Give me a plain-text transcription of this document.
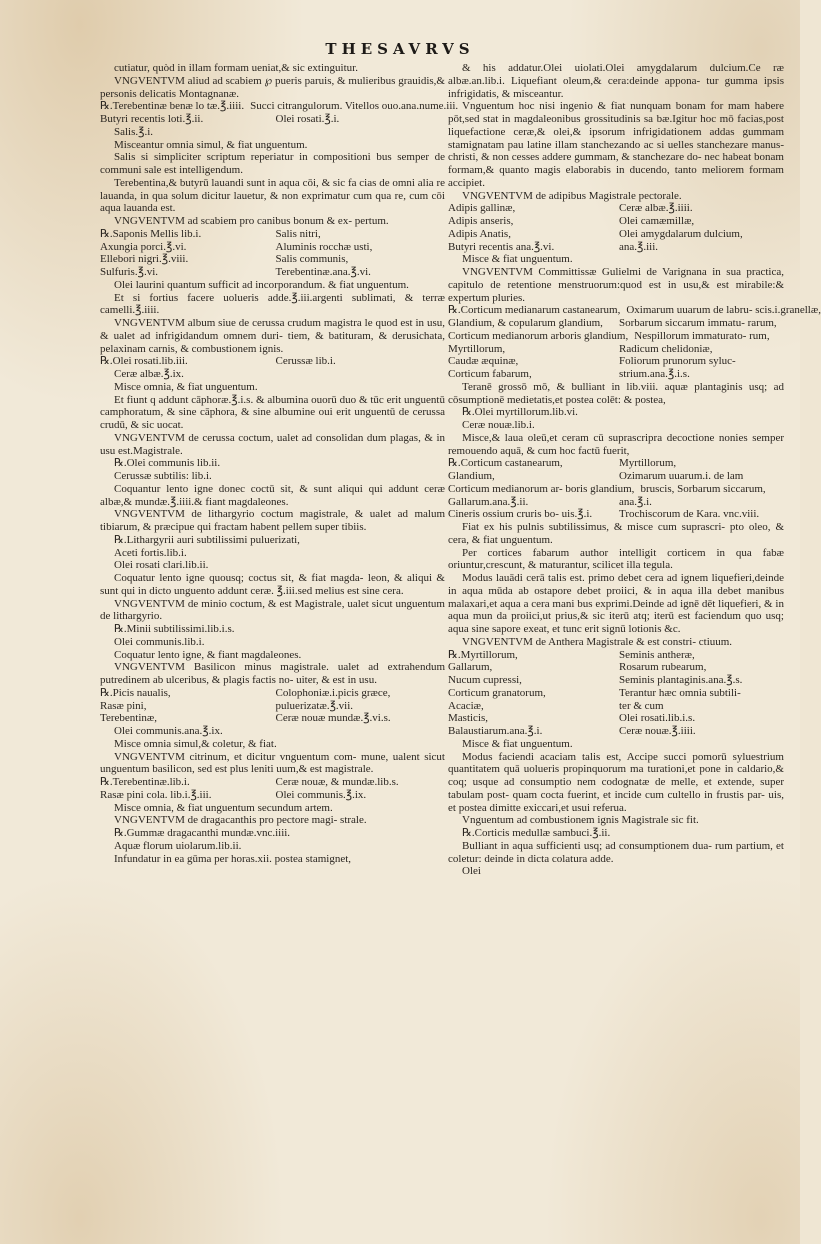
THESAVRVS

cutiatur, quòd in illam formam ueniat,& sic extinguitur.

VNGVENTVM aliud ad scabiem ℘ pueris paruis, & mulieribus grauidis,& personis delicatis Montagnanæ.

℞.Terebentinæ benæ lo tæ.℥.iiii. Succi citrangulorum. Vitellos ouo.ana.nume.iii.
Butyri recentis loti.℥.ii.	Olei rosati.℥.i.

Salis.℥.i.

Misceantur omnia simul, & fiat unguentum.

Salis si simpliciter scriptum reperiatur in compositioni bus semper de communi sale est intelligendum.

Terebentina,& butyrū lauandi sunt in aqua cōi, & sic fa cias de omni alia re lauanda, in qua solum dicitur lauetur, & non exprimatur cum qua re, cum cōi aqua lauanda est.

VNGVENTVM ad scabiem pro canibus bonum & ex- pertum.

℞.Saponis Mellis lib.i.	Salis nitri,
Axungia porci.℥.vi.	Aluminis rocchæ usti,
Ellebori nigri.℥.viii.	Salis communis,
Sulfuris.℥.vi.	Terebentinæ.ana.℥.vi.

Olei laurini quantum sufficit ad incorporandum. & fiat unguentum.

Et si fortius facere uolueris adde.℥.iii.argenti sublimati, & terræ camelli.℥.iiii.

VNGVENTVM album siue de cerussa crudum magistra le quod est in usu, & ualet ad infrigidandum omnem duri- tiem, & batituram, & derusichata, pelaxinam carnis, & combustionem ignis.

℞.Olei rosati.lib.iii.	Cerussæ lib.i.

Ceræ albæ.℥.ix.

Misce omnia, & fiat unguentum.

Et fiunt q addunt cāphoræ.℥.i.s. & albumina ouorū duo & tūc erit unguentū camphoratum, & sine cāphora, & sine albumine oui erit unguentū de cerussa crudū, & sic uocat.

VNGVENTVM de cerussa coctum, ualet ad consolidan dum plagas, & in usu est.Magistrale.

℞.Olei communis lib.ii.

Cerussæ subtilis: lib.i.

Coquantur lento igne donec coctū sit, & sunt aliqui qui addunt ceræ albæ,& mundæ.℥.iiii.& fiant magdaleones.

VNGVENTVM de lithargyrio coctum magistrale, & ualet ad malum tibiarum, & præcipue qui fractam habent pellem super tibiis.

℞.Lithargyrii auri subtilissimi puluerizati,

Aceti fortis.lib.i.

Olei rosati clari.lib.ii.

Coquatur lento igne quousq; coctus sit, & fiat magda- leon, & aliqui & sunt qui in dicto unguento addunt ceræ. ℥.iii.sed melius est sine cera.

VNGVENTVM de minio coctum, & est Magistrale, ualet sicut unguentum de lithargyrio.

℞.Minii subtilissimi.lib.i.s.

Olei communis.lib.i.

Coquatur lento igne, & fiant magdaleones.

VNGVENTVM Basilicon minus magistrale. ualet ad extrahendum putredinem ab ulceribus, & plagis factis no- uiter, & est in usu.

℞.Picis naualis,	Colophoniæ.i.picis græce,
Rasæ pini,	puluerizatæ.℥.vii.
Terebentinæ,	Ceræ nouæ mundæ.℥.vi.s.

Olei communis.ana.℥.ix.

Misce omnia simul,& coletur, & fiat.

VNGVENTVM citrinum, et dicitur vnguentum com- mune, ualent sicut unguentum basilicon, sed est plus leniti uum,& est magistrale.

℞.Terebentinæ.lib.i.	Ceræ nouæ, & mundæ.lib.s.
Rasæ pini cola. lib.i.℥.iii.	Olei communis.℥.ix.

Misce omnia, & fiat unguentum secundum artem.

VNGVENTVM de dragacanthis pro pectore magi- strale.

℞.Gummæ dragacanthi mundæ.vnc.iiii.

Aquæ florum uiolarum.lib.ii.

Infundatur in ea gūma per horas.xii. postea stamignet,

& his addatur.Olei uiolati.Olei amygdalarum dulcium.Ce ræ albæ.an.lib.i. Liquefiant oleum,& cera:deinde appona- tur gumma ipsis infrigidatis, & misceantur.

Vnguentum hoc nisi ingenio & fiat nunquam bonam for mam habere pōt,sed stat in magdaleonibus grossitudinis sa bæ.Igitur hoc mō facias,post liquefactione ceræ,& olei,& ipsorum infrigidationem addas gummam stamignatam pau latine illam stanchezando ac si uelles stanchezare manus- christi, & non cesses addere gummam, & stanchezare do- nec habeat bonam formam,& quanto magis elaborabis in ducendo, tanto meliorem formam accipiet.

VNGVENTVM de adipibus Magistrale pectorale.

Adipis gallinæ,	Ceræ albæ.℥.iiii.
Adipis anseris,	Olei camæmillæ,
Adipis Anatis,	Olei amygdalarum dulcium,
Butyri recentis ana.℥.vi.	ana.℥.iii.

Misce & fiat unguentum.

VNGVENTVM Committissæ Gulielmi de Varignana in sua practica, capitulo de retentione menstruorum:quod est in usu,& est mirabile:& expertum pluries.

℞.Corticum medianarum castanearum, Oximarum uuarum de labru- scis.i.granellæ,
Glandium, & copularum glandium,	Sorbarum siccarum immatu- rarum,
Corticum medianorum arboris glandium, Nespillorum immaturato- rum,
Myrtillorum,	Radicum chelidoniæ,
Caudæ æquinæ,	Foliorum prunorum syluc-
Corticum fabarum,	strium.ana.℥.i.s.

Teranē grossō mō, & bulliant in lib.viii. aquæ plantaginis usq; ad cōsumptionē medietatis,et postea colēt: & postea,

℞.Olei myrtillorum.lib.vi.

Ceræ nouæ.lib.i.

Misce,& laua oleū,et ceram cū suprascripra decoctione nonies semper remouendo aquā, & cum hoc factū fuerit,

℞.Corticum castanearum,	Myrtillorum,
Glandium,	Ozimarum uuarum.i. de lam
Corticum medianorum ar- boris glandium, bruscis, Sorbarum siccarum,
Gallarum.ana.℥.ii.	ana.℥.i.
Cineris ossium cruris bo- uis.℥.i.	Trochiscorum de Kara. vnc.viii.

Fiat ex his pulnis subtilissimus, & misce cum suprascri- pto oleo, & cera, & fiat unguentum.

Per cortices fabarum author intelligit corticem in qua fabæ oriuntur,crescunt, & maturantur, scilicet illa tegula.

Modus lauādi cerā talis est. primo debet cera ad ignem liquefieri,deinde in aqua mūda ab ostapore debet proiici, & in aqua illa debet manibus malaxari,et aqua a cera mani bus exprimi.Deinde ad ignē dēt liquefieri, & in aqua mun da proiici,ut prius,& sic iterū atq; iterū est faciendum quo usq; aqua sine sapore exeat, et tunc erit signū lotionis &c.

VNGVENTVM de Anthera Magistrale & est constri- ctiuum.

℞.Myrtillorum,	Seminis antheræ,
Gallarum,	Rosarum rubearum,
Nucum cupressi,	Seminis plantaginis.ana.℥.s.
Corticum granatorum,	Terantur hæc omnia subtili-
Acaciæ,	ter & cum
Masticis,	Olei rosati.lib.i.s.
Balaustiarum.ana.℥.i.	Ceræ nouæ.℥.iiii.

Misce & fiat unguentum.

Modus faciendi acaciam talis est, Accipe succi pomorū syluestrium quantitatem quā uolueris propinquorum ma turationi,et pone in caldario,& coq; usque ad consumptio nem codognatæ de melle, et extende, super tabulam post- quam cocta fuerint, et incide cum cultello in frustis par- uis, et postea dimitte exiccari,et usui referua.

Vnguentum ad combustionem ignis Magistrale sic fit.

℞.Corticis medullæ sambuci.℥.ii.

Bulliant in aqua sufficienti usq; ad consumptionem dua- rum partium, et coletur: deinde in dicta colatura adde.

Olei
